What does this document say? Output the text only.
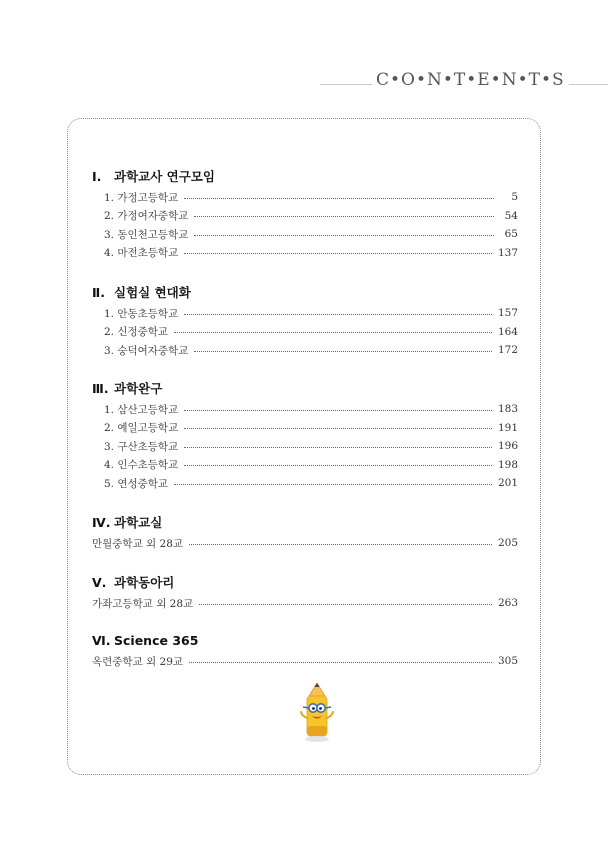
C•O•N•T•E•N•T•S
Ⅰ. 과학교사 연구모임
1. 가정고등학교	5
2. 가정여자중학교	54
3. 동인천고등학교	65
4. 마전초등학교	137
Ⅱ. 실험실 현대화
1. 안동초등학교	157
2. 신정중학교	164
3. 숭덕여자중학교	172
Ⅲ. 과학완구
1. 삼산고등학교	183
2. 예일고등학교	191
3. 구산초등학교	196
4. 인수초등학교	198
5. 연성중학교	201
Ⅳ. 과학교실
만월중학교 외 28교	205
Ⅴ. 과학동아리
가좌고등학교 외 28교	263
Ⅵ. Science 365
옥련중학교 외 29교	305
